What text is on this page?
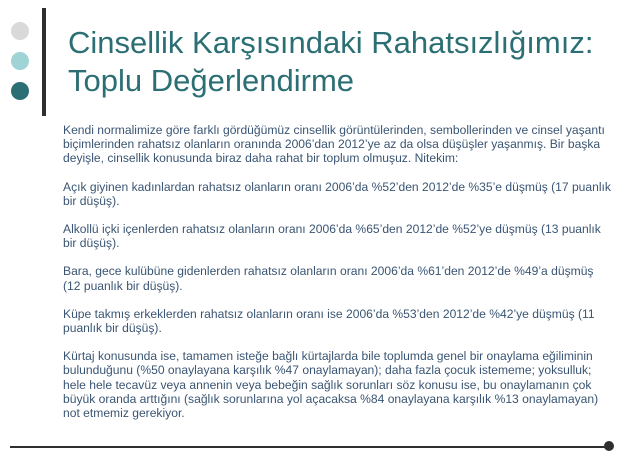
Cinsellik Karşısındaki Rahatsızlığımız:
Toplu Değerlendirme

Kendi normalimize göre farklı gördüğümüz cinsellik görüntülerinden, sembollerinden ve cinsel yaşantı biçimlerinden rahatsız olanların oranında 2006’dan 2012’ye az da olsa düşüşler yaşanmış. Bir başka deyişle, cinsellik konusunda biraz daha rahat bir toplum olmuşuz. Nitekim:

Açık giyinen kadınlardan rahatsız olanların oranı 2006’da %52’den 2012’de %35’e düşmüş (17 puanlık bir düşüş).

Alkollü içki içenlerden rahatsız olanların oranı 2006’da %65’den 2012’de %52’ye düşmüş (13 puanlık bir düşüş).

Bara, gece kulübüne gidenlerden rahatsız olanların oranı 2006’da %61’den 2012’de %49’a düşmüş (12 puanlık bir düşüş).

Küpe takmış erkeklerden rahatsız olanların oranı ise 2006’da %53’den 2012’de %42’ye düşmüş (11 puanlık bir düşüş).

Kürtaj konusunda ise, tamamen isteğe bağlı kürtajlarda bile toplumda genel bir onaylama eğiliminin bulunduğunu (%50 onaylayana karşılık %47 onaylamayan); daha fazla çocuk istememe; yoksulluk; hele hele tecavüz veya annenin veya bebeğin sağlık sorunları söz konusu ise, bu onaylamanın çok büyük oranda arttığını (sağlık sorunlarına yol açacaksa %84 onaylayana karşılık %13 onaylamayan) not etmemiz gerekiyor.
